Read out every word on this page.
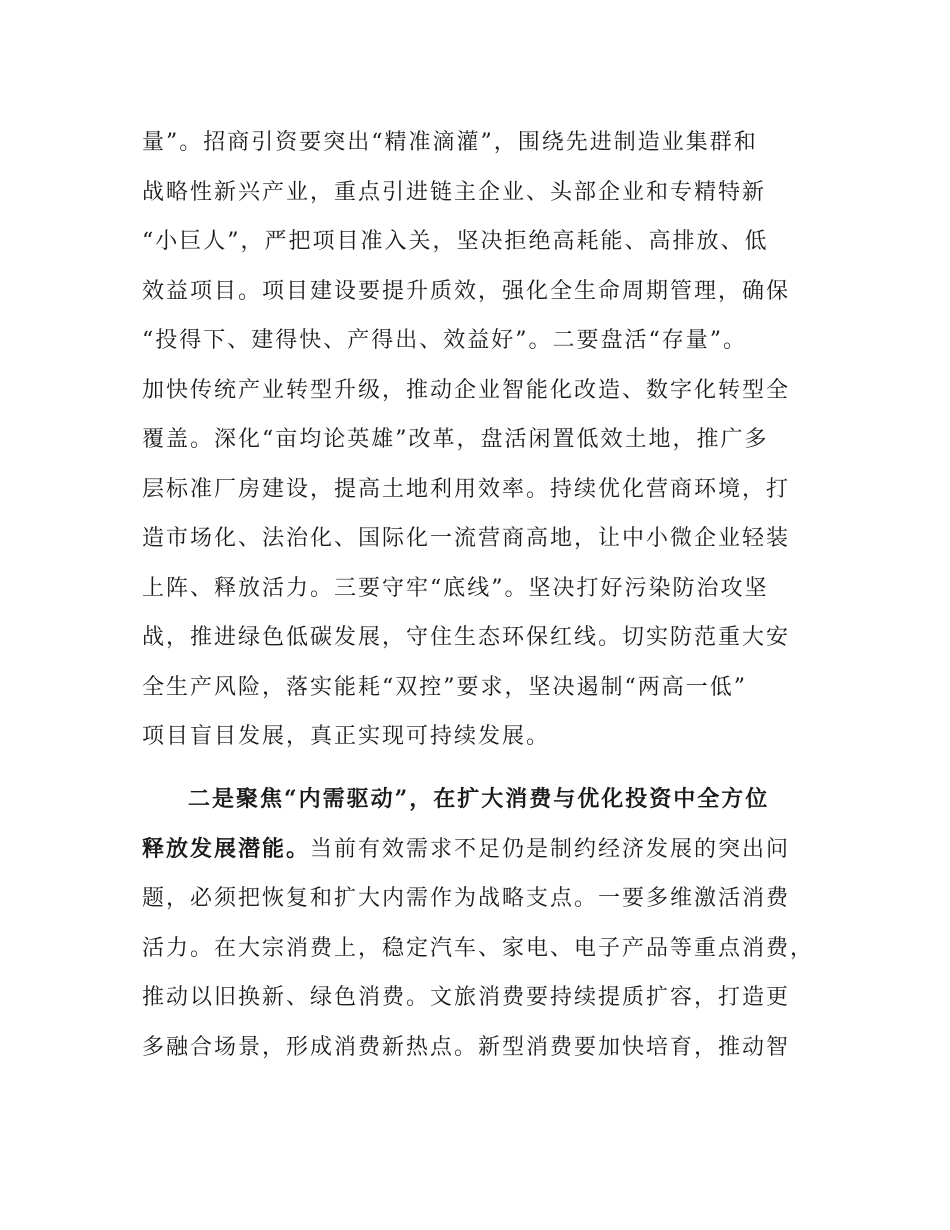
量”。招商引资要突出“精准滴灌”，围绕先进制造业集群和
战略性新兴产业，重点引进链主企业、头部企业和专精特新
“小巨人”，严把项目准入关，坚决拒绝高耗能、高排放、低
效益项目。项目建设要提升质效，强化全生命周期管理，确保
“投得下、建得快、产得出、效益好”。二要盘活“存量”。
加快传统产业转型升级，推动企业智能化改造、数字化转型全
覆盖。深化“亩均论英雄”改革，盘活闲置低效土地，推广多
层标准厂房建设，提高土地利用效率。持续优化营商环境，打
造市场化、法治化、国际化一流营商高地，让中小微企业轻装
上阵、释放活力。三要守牢“底线”。坚决打好污染防治攻坚
战，推进绿色低碳发展，守住生态环保红线。切实防范重大安
全生产风险，落实能耗“双控”要求，坚决遏制“两高一低”
项目盲目发展，真正实现可持续发展。
二是聚焦“内需驱动”，在扩大消费与优化投资中全方位
释放发展潜能。当前有效需求不足仍是制约经济发展的突出问
题，必须把恢复和扩大内需作为战略支点。一要多维激活消费
活力。在大宗消费上，稳定汽车、家电、电子产品等重点消费，
推动以旧换新、绿色消费。文旅消费要持续提质扩容，打造更
多融合场景，形成消费新热点。新型消费要加快培育，推动智
